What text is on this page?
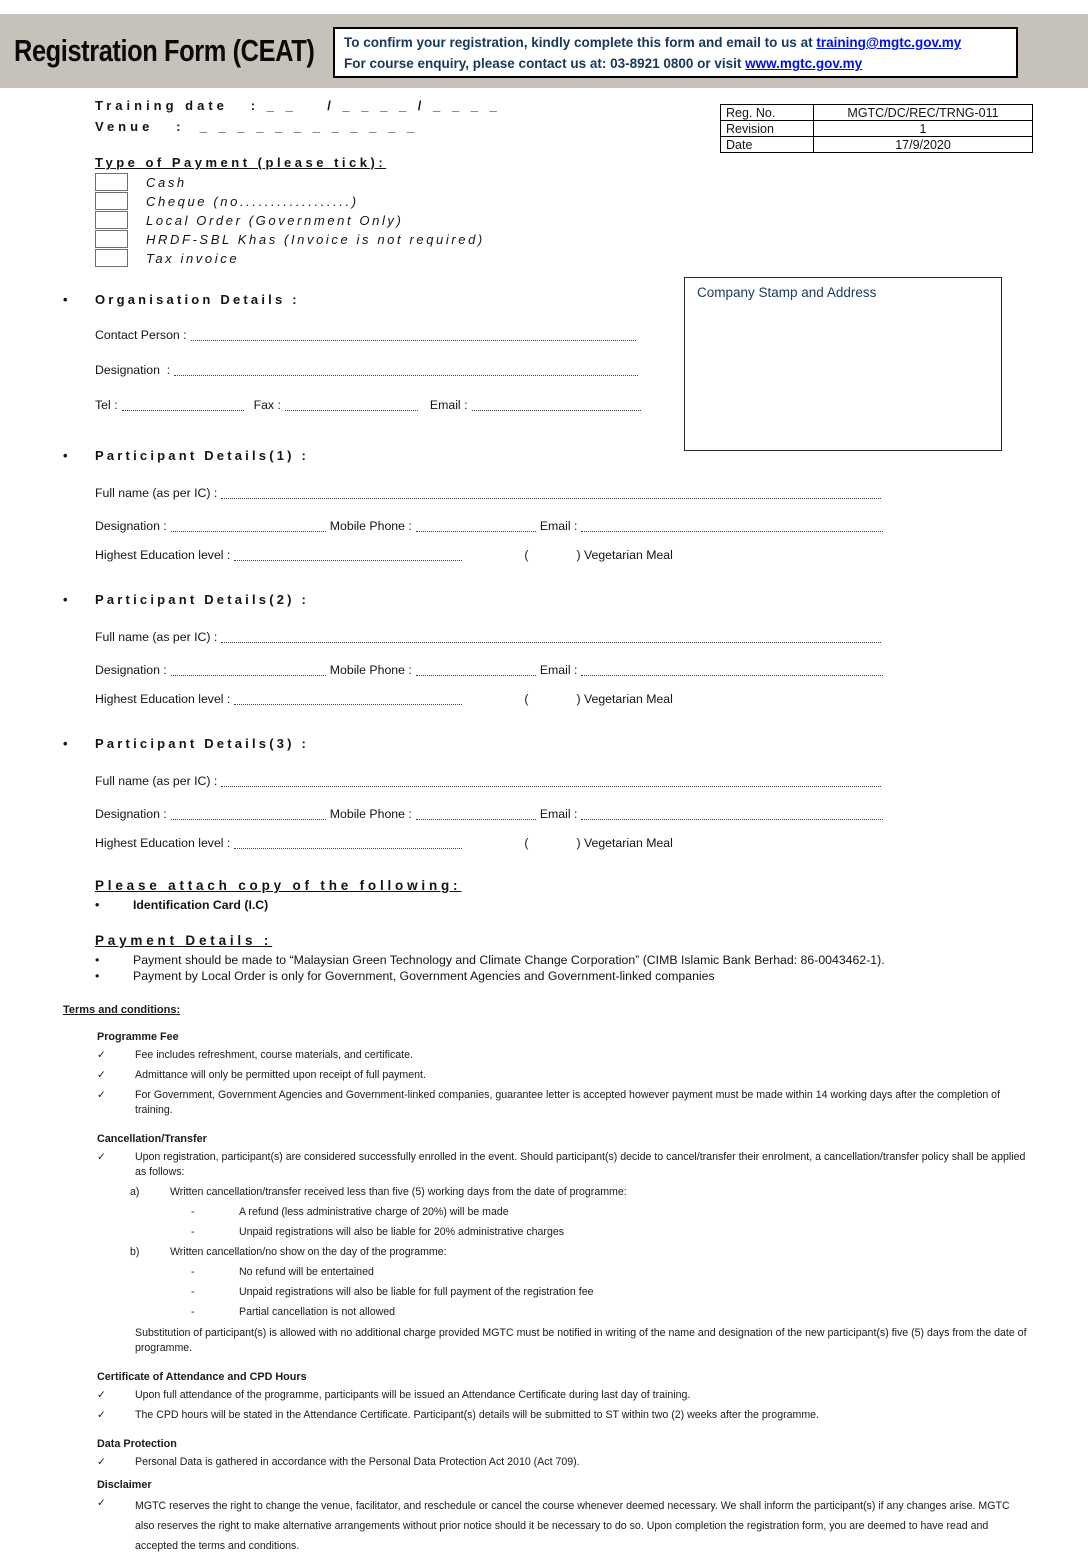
Registration Form (CEAT) To confirm your registration, kindly complete this form and email to us at training@mgtc.gov.my
For course enquiry, please contact us at: 03-8921 0800 or visit www.mgtc.gov.my
Reg. No.	MGTC/DC/REC/TRNG-011
Revision	1
Date	17/9/2020
Company Stamp and Address
Training date   : _ _    / _ _ _ _ / _ _ _ _
Venue   :  _ _ _ _ _ _ _ _ _ _ _ _
Type of Payment (please tick):
Cash
Cheque (no..................)
Local Order (Government Only)
HRDF-SBL Khas (Invoice is not required)
Tax invoice
•	Organisation Details :
Contact Person :
Designation  :
Tel :	Fax :	Email :
•	Participant Details(1) :
Full name (as per IC) :
Designation :	Mobile Phone :	Email :
Highest Education level :	(	) Vegetarian Meal
•	Participant Details(2) :
Full name (as per IC) :
Designation :	Mobile Phone :	Email :
Highest Education level :	(	) Vegetarian Meal
•	Participant Details(3) :
Full name (as per IC) :
Designation :	Mobile Phone :	Email :
Highest Education level :	(	) Vegetarian Meal
Please attach copy of the following:
•	Identification Card (I.C)
Payment Details :
•	Payment should be made to “Malaysian Green Technology and Climate Change Corporation” (CIMB Islamic Bank Berhad: 86-0043462-1).
•	Payment by Local Order is only for Government, Government Agencies and Government-linked companies
Terms and conditions:
Programme Fee
✓	Fee includes refreshment, course materials, and certificate.
✓	Admittance will only be permitted upon receipt of full payment.
✓	For Government, Government Agencies and Government-linked companies, guarantee letter is accepted however payment must be made within 14 working days after the completion of training.
Cancellation/Transfer
✓	Upon registration, participant(s) are considered successfully enrolled in the event. Should participant(s) decide to cancel/transfer their enrolment, a cancellation/transfer policy shall be applied as follows:
a)	Written cancellation/transfer received less than five (5) working days from the date of programme:
-	A refund (less administrative charge of 20%) will be made
-	Unpaid registrations will also be liable for 20% administrative charges
b)	Written cancellation/no show on the day of the programme:
-	No refund will be entertained
-	Unpaid registrations will also be liable for full payment of the registration fee
-	Partial cancellation is not allowed
Substitution of participant(s) is allowed with no additional charge provided MGTC must be notified in writing of the name and designation of the new participant(s) five (5) days from the date of programme.
Certificate of Attendance and CPD Hours
✓	Upon full attendance of the programme, participants will be issued an Attendance Certificate during last day of training.
✓	The CPD hours will be stated in the Attendance Certificate. Participant(s) details will be submitted to ST within two (2) weeks after the programme.
Data Protection
✓	Personal Data is gathered in accordance with the Personal Data Protection Act 2010 (Act 709).
Disclaimer
✓	MGTC reserves the right to change the venue, facilitator, and reschedule or cancel the course whenever deemed necessary. We shall inform the participant(s) if any changes arise. MGTC also reserves the right to make alternative arrangements without prior notice should it be necessary to do so. Upon completion the registration form, you are deemed to have read and accepted the terms and conditions.
